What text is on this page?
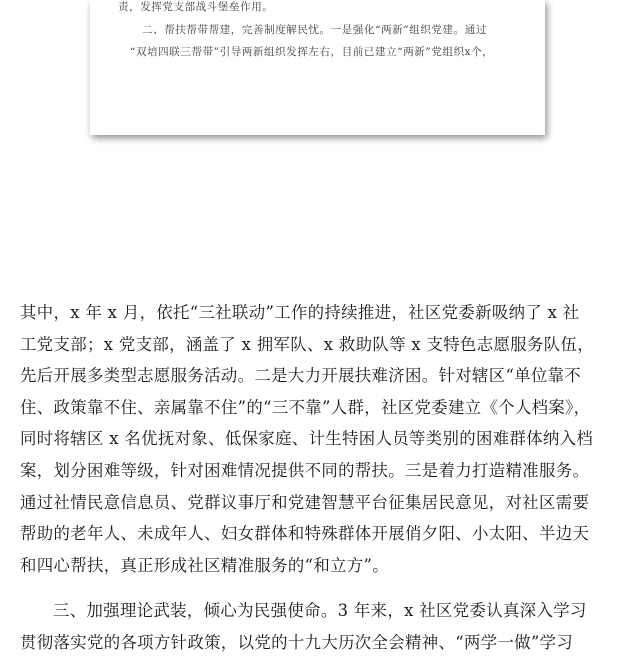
责，发挥党支部战斗堡垒作用。
二、帮扶帮带帮建，完善制度解民忧。一是强化“两新”组织党建。通过
“双培四联三帮带”引导两新组织发挥左右，目前已建立“两新”党组织x个，
其中，x 年 x 月，依托“三社联动”工作的持续推进，社区党委新吸纳了 x 社
工党支部；x 党支部，涵盖了 x 拥军队、x 救助队等 x 支特色志愿服务队伍，
先后开展多类型志愿服务活动。二是大力开展扶难济困。针对辖区“单位靠不
住、政策靠不住、亲属靠不住”的“三不靠”人群，社区党委建立《个人档案》，
同时将辖区 x 名优抚对象、低保家庭、计生特困人员等类别的困难群体纳入档
案，划分困难等级，针对困难情况提供不同的帮扶。三是着力打造精准服务。
通过社情民意信息员、党群议事厅和党建智慧平台征集居民意见，对社区需要
帮助的老年人、未成年人、妇女群体和特殊群体开展俏夕阳、小太阳、半边天
和四心帮扶，真正形成社区精准服务的“和立方”。
三、加强理论武装，倾心为民强使命。3 年来，x 社区党委认真深入学习
贯彻落实党的各项方针政策，以党的十九大历次全会精神、“两学一做”学习
